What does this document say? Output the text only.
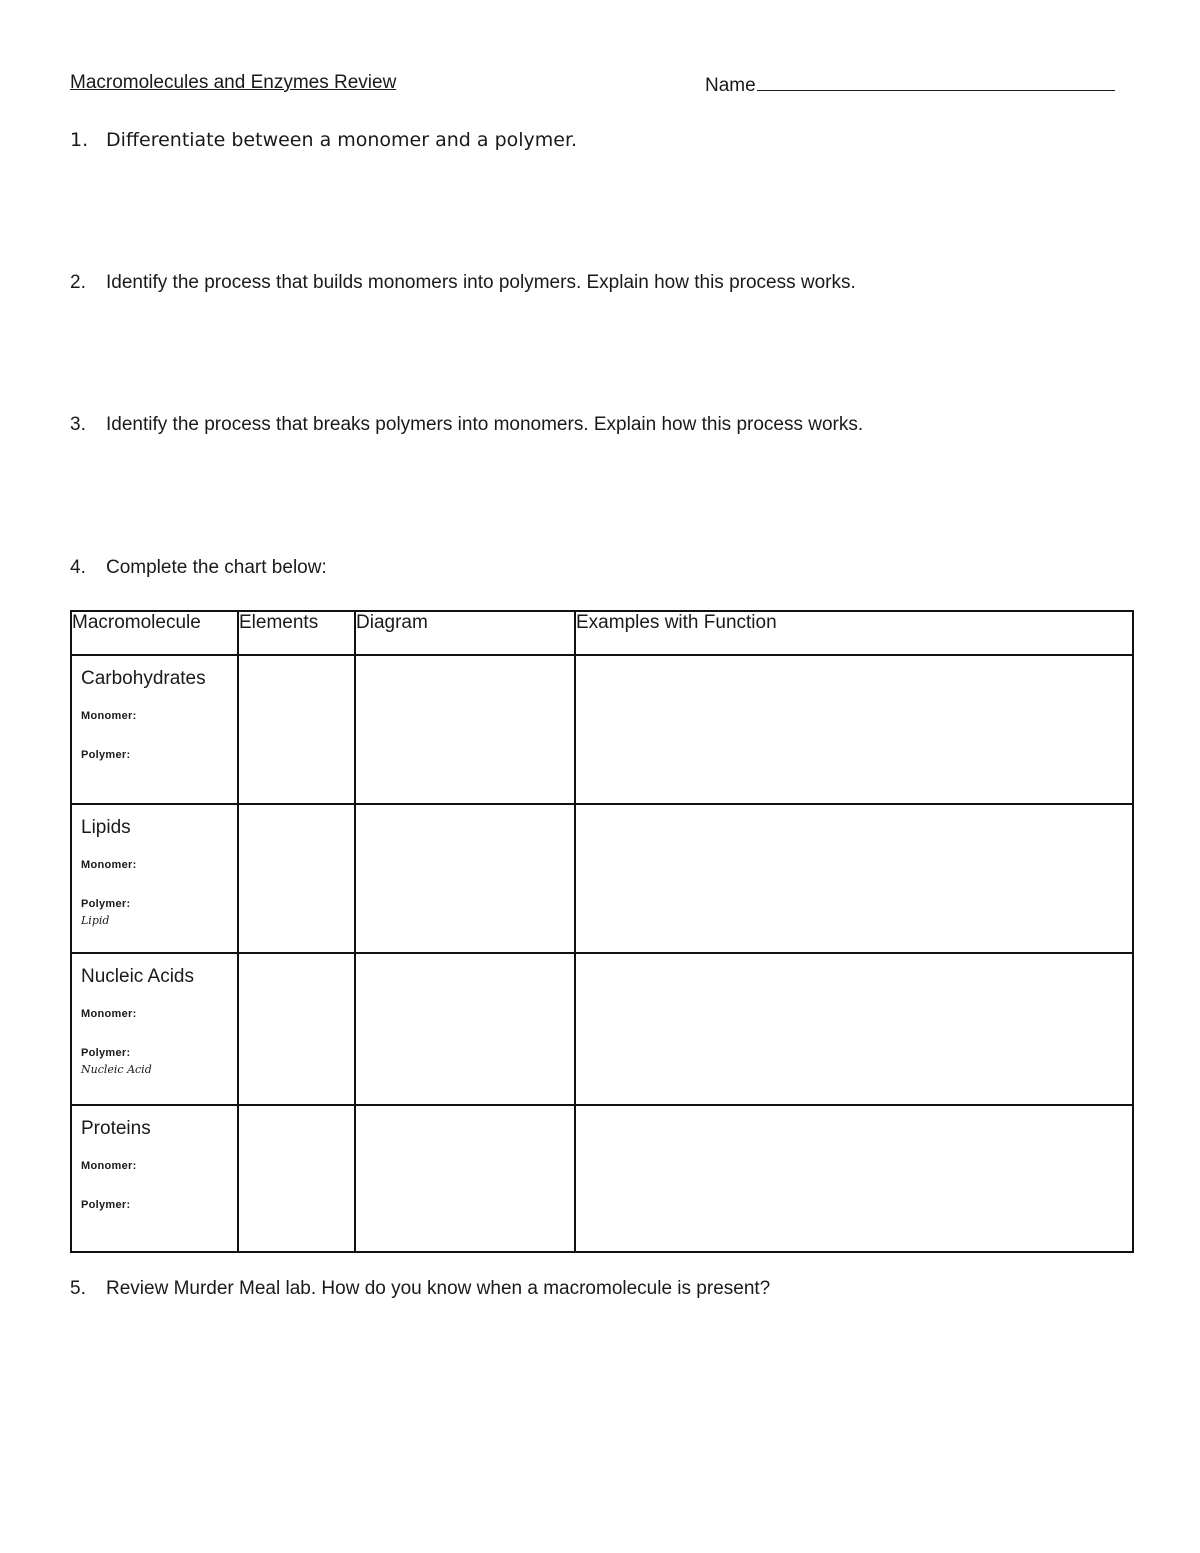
Macromolecules and Enzymes Review	Name
1. Differentiate between a monomer and a polymer.
2. Identify the process that builds monomers into polymers. Explain how this process works.
3. Identify the process that breaks polymers into monomers. Explain how this process works.
4. Complete the chart below:
Macromolecule	Elements	Diagram	Examples with Function

Carbohydrates
Monomer:
Polymer:			

Lipids
Monomer:
Polymer:
Lipid			

Nucleic Acids
Monomer:
Polymer:
Nucleic Acid			

Proteins
Monomer:
Polymer:			

5. Review Murder Meal lab. How do you know when a macromolecule is present?
